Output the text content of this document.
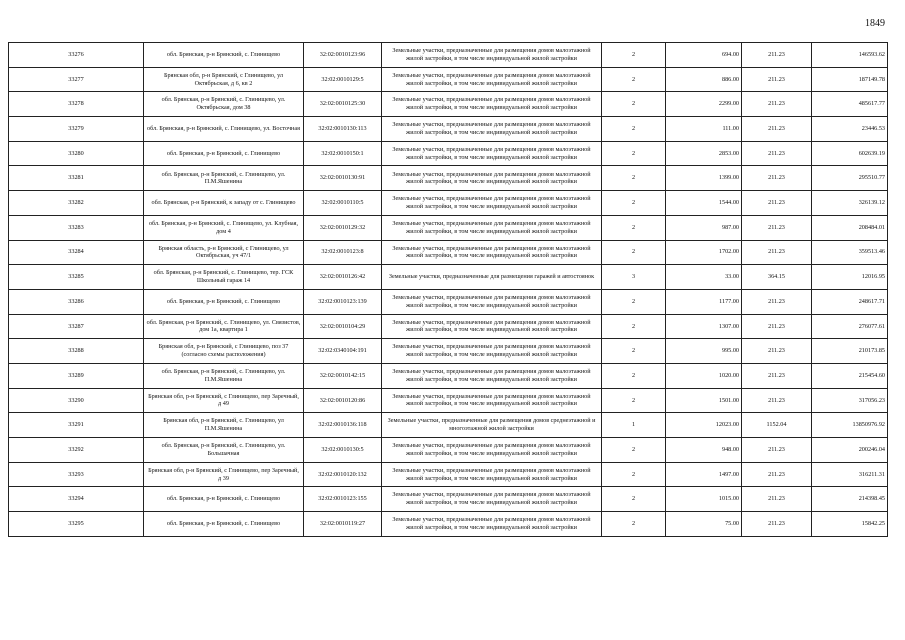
1849
33276	обл. Брянская, р-н Брянский, с. Глинищево	32:02:0010123:96	Земельные участки, предназначенные для размещения домов малоэтажной жилой застройки, в том числе индивидуальной жилой застройки	2	694.00	211.23	146593.62
33277	Брянская обл, р-н Брянский, с Глинищево, ул Октябрьская, д 6, кв 2	32:02:0010129:5	Земельные участки, предназначенные для размещения домов малоэтажной жилой застройки, в том числе индивидуальной жилой застройки	2	886.00	211.23	187149.78
33278	обл. Брянская, р-н Брянский, с. Глинищево, ул. Октябрьская, дом 38	32:02:0010125:30	Земельные участки, предназначенные для размещения домов малоэтажной жилой застройки, в том числе индивидуальной жилой застройки	2	2299.00	211.23	485617.77
33279	обл. Брянская, р-н Брянский, с. Глинищево, ул. Восточная	32:02:0010130:113	Земельные участки, предназначенные для размещения домов малоэтажной жилой застройки, в том числе индивидуальной жилой застройки	2	111.00	211.23	23446.53
33280	обл. Брянская, р-н Брянский, с. Глинищево	32:02:0010150:1	Земельные участки, предназначенные для размещения домов малоэтажной жилой застройки, в том числе индивидуальной жилой застройки	2	2853.00	211.23	602639.19
33281	обл. Брянская, р-н Брянский, с. Глинищево, ул. П.М.Яшенина	32:02:0010130:91	Земельные участки, предназначенные для размещения домов малоэтажной жилой застройки, в том числе индивидуальной жилой застройки	2	1399.00	211.23	295510.77
33282	обл. Брянская, р-н Брянский, к западу от с. Глинищево	32:02:0010110:5	Земельные участки, предназначенные для размещения домов малоэтажной жилой застройки, в том числе индивидуальной жилой застройки	2	1544.00	211.23	326139.12
33283	обл. Брянская, р-н Брянский, с. Глинищево, ул. Клубная, дом 4	32:02:0010129:32	Земельные участки, предназначенные для размещения домов малоэтажной жилой застройки, в том числе индивидуальной жилой застройки	2	987.00	211.23	208484.01
33284	Брянская область, р-н Брянский, с Глинищево, ул Октябрьская, уч 47/1	32:02:0010123:8	Земельные участки, предназначенные для размещения домов малоэтажной жилой застройки, в том числе индивидуальной жилой застройки	2	1702.00	211.23	359513.46
33285	обл. Брянская, р-н Брянский, с. Глинищево, тер. ГСК Школьный гараж 14	32:02:0010126:42	Земельные участки, предназначенные для размещения гаражей и автостоянок	3	33.00	364.15	12016.95
33286	обл. Брянская, р-н Брянский, с. Глинищево	32:02:0010123:139	Земельные участки, предназначенные для размещения домов малоэтажной жилой застройки, в том числе индивидуальной жилой застройки	2	1177.00	211.23	248617.71
33287	обл. Брянская, р-н Брянский, с. Глинищево, ул. Связистов, дом 1а, квартира 1	32:02:0010104:29	Земельные участки, предназначенные для размещения домов малоэтажной жилой застройки, в том числе индивидуальной жилой застройки	2	1307.00	211.23	276077.61
33288	Брянская обл, р-н Брянский, с Глинищево, поз 37 (согласно схемы расположения)	32:02:0340104:191	Земельные участки, предназначенные для размещения домов малоэтажной жилой застройки, в том числе индивидуальной жилой застройки	2	995.00	211.23	210173.85
33289	обл. Брянская, р-н Брянский, с. Глинищево, ул. П.М.Яшенина	32:02:0010142:15	Земельные участки, предназначенные для размещения домов малоэтажной жилой застройки, в том числе индивидуальной жилой застройки	2	1020.00	211.23	215454.60
33290	Брянская обл, р-н Брянский, с Глинищево, пер Заречный, д 49	32:02:0010120:86	Земельные участки, предназначенные для размещения домов малоэтажной жилой застройки, в том числе индивидуальной жилой застройки	2	1501.00	211.23	317056.23
33291	Брянская обл, р-н Брянский, с. Глинищево, ул П.М.Яшенина	32:02:0010136:118	Земельные участки, предназначенные для размещения домов среднеэтажной и многоэтажной жилой застройки	1	12023.00	1152.04	13850976.92
33292	обл. Брянская, р-н Брянский, с. Глинищево, ул. Большачная	32:02:0010130:5	Земельные участки, предназначенные для размещения домов малоэтажной жилой застройки, в том числе индивидуальной жилой застройки	2	948.00	211.23	200246.04
33293	Брянская обл, р-н Брянский, с Глинищево, пер Заречный, д 39	32:02:0010120:132	Земельные участки, предназначенные для размещения домов малоэтажной жилой застройки, в том числе индивидуальной жилой застройки	2	1497.00	211.23	316211.31
33294	обл. Брянская, р-н Брянский, с. Глинищево	32:02:0010123:155	Земельные участки, предназначенные для размещения домов малоэтажной жилой застройки, в том числе индивидуальной жилой застройки	2	1015.00	211.23	214398.45
33295	обл. Брянская, р-н Брянский, с. Глинищево	32:02:0010119:27	Земельные участки, предназначенные для размещения домов малоэтажной жилой застройки, в том числе индивидуальной жилой застройки	2	75.00	211.23	15842.25
